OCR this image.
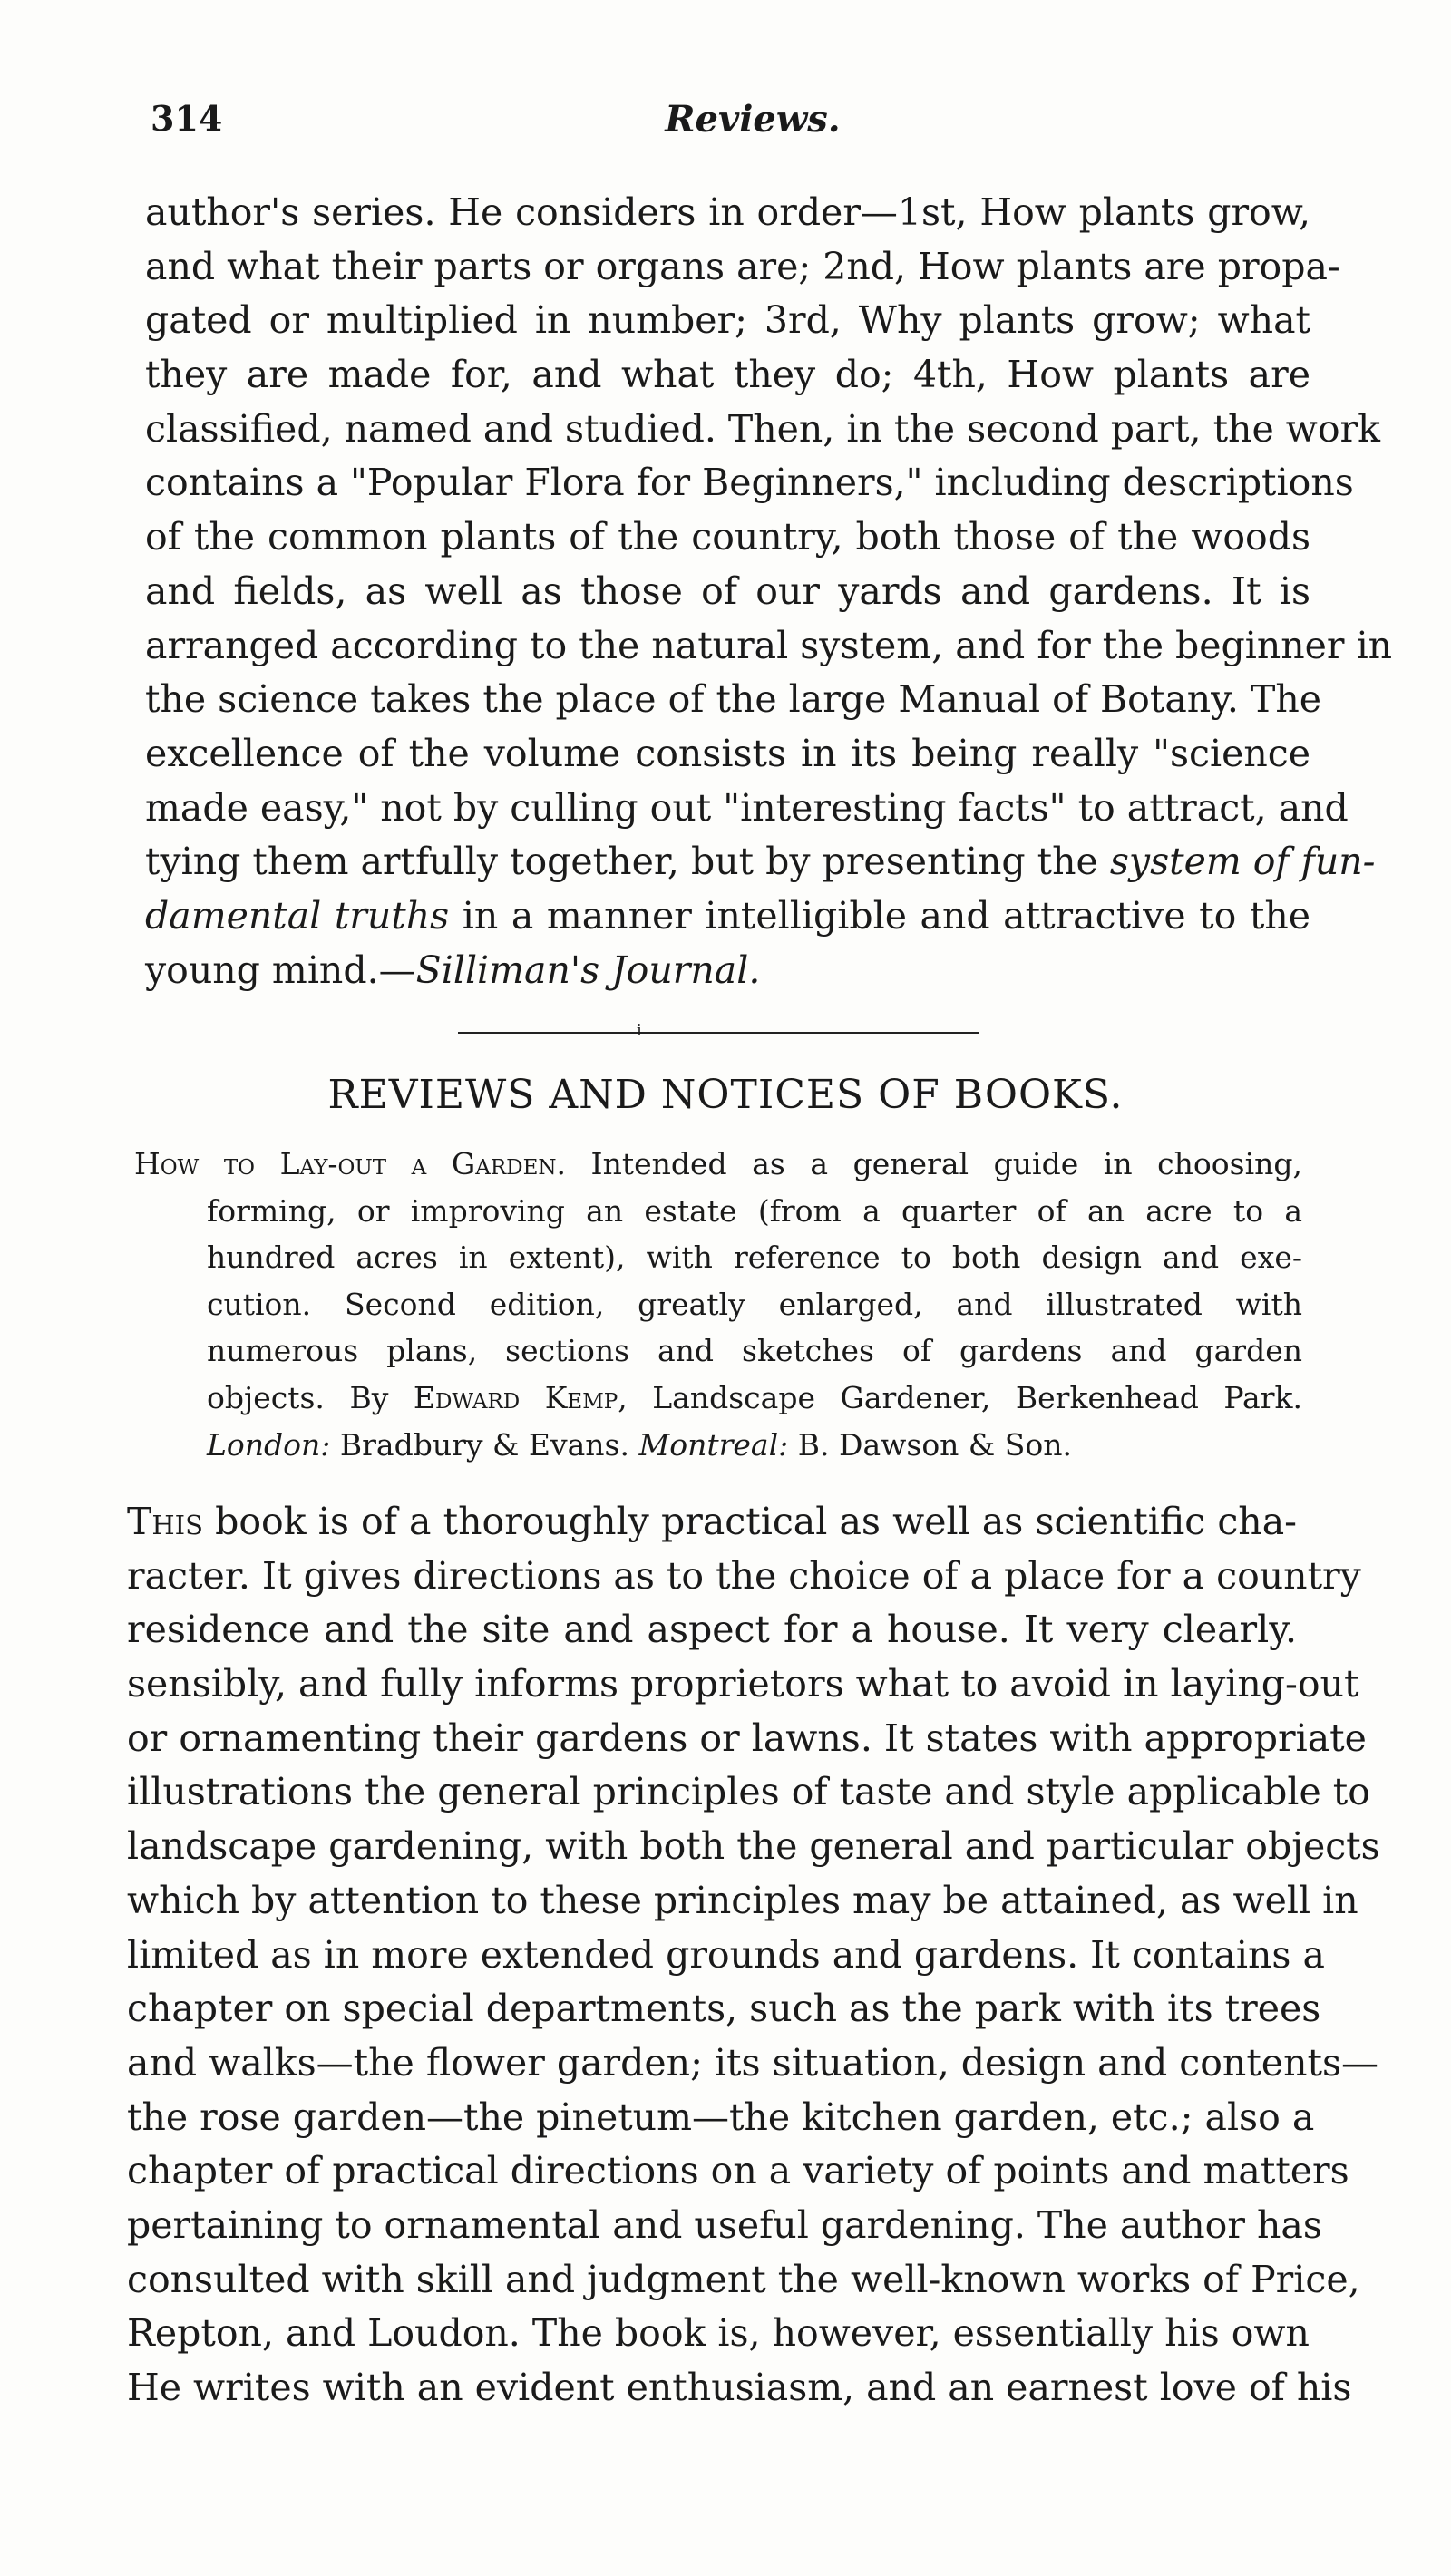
314	Reviews.
author's series. He considers in order—1st, How plants grow,
and what their parts or organs are; 2nd, How plants are propa-
gated or multiplied in number; 3rd, Why plants grow; what
they are made for, and what they do; 4th, How plants are
classified, named and studied. Then, in the second part, the work
contains a "Popular Flora for Beginners," including descriptions
of the common plants of the country, both those of the woods
and fields, as well as those of our yards and gardens. It is
arranged according to the natural system, and for the beginner in
the science takes the place of the large Manual of Botany. The
excellence of the volume consists in its being really "science
made easy," not by culling out "interesting facts" to attract, and
tying them artfully together, but by presenting the system of fun-
damental truths in a manner intelligible and attractive to the
young mind.—Silliman's Journal.
i
REVIEWS AND NOTICES OF BOOKS.
How to Lay-out a Garden. Intended as a general guide in choosing,
forming, or improving an estate (from a quarter of an acre to a
hundred acres in extent), with reference to both design and exe-
cution. Second edition, greatly enlarged, and illustrated with
numerous plans, sections and sketches of gardens and garden
objects. By Edward Kemp, Landscape Gardener, Berkenhead Park.
London: Bradbury & Evans. Montreal: B. Dawson & Son.
This book is of a thoroughly practical as well as scientific cha-
racter. It gives directions as to the choice of a place for a country
residence and the site and aspect for a house. It very clearly.
sensibly, and fully informs proprietors what to avoid in laying-out
or ornamenting their gardens or lawns. It states with appropriate
illustrations the general principles of taste and style applicable to
landscape gardening, with both the general and particular objects
which by attention to these principles may be attained, as well in
limited as in more extended grounds and gardens. It contains a
chapter on special departments, such as the park with its trees
and walks—the flower garden; its situation, design and contents—
the rose garden—the pinetum—the kitchen garden, etc.; also a
chapter of practical directions on a variety of points and matters
pertaining to ornamental and useful gardening. The author has
consulted with skill and judgment the well-known works of Price,
Repton, and Loudon. The book is, however, essentially his own
He writes with an evident enthusiasm, and an earnest love of his
